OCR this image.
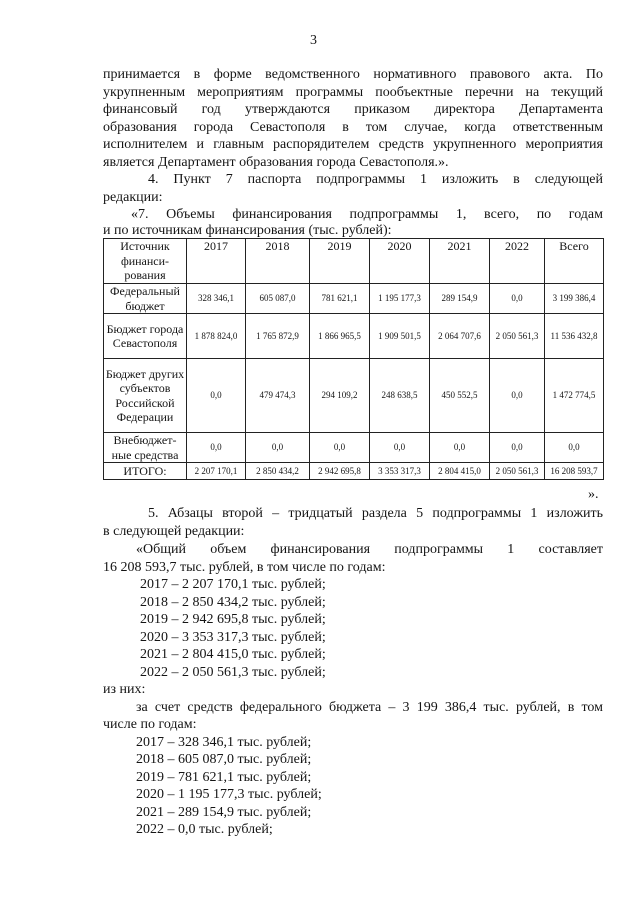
3
принимается в форме ведомственного нормативного правового акта. По
укрупненным мероприятиям программы пообъектные перечни на текущий
финансовый год утверждаются приказом директора Департамента
образования города Севастополя в том случае, когда ответственным
исполнителем и главным распорядителем средств укрупненного мероприятия
является Департамент образования города Севастополя.».
4. Пункт 7 паспорта подпрограммы 1 изложить в следующей
редакции:
«7. Объемы финансирования подпрограммы 1, всего, по годам
и по источникам финансирования (тыс. рублей):
Источник финанси-рования	2017	2018	2019	2020	2021	2022	Всего
Федеральный бюджет	328 346,1	605 087,0	781 621,1	1 195 177,3	289 154,9	0,0	3 199 386,4
Бюджет города Севастополя	1 878 824,0	1 765 872,9	1 866 965,5	1 909 501,5	2 064 707,6	2 050 561,3	11 536 432,8
Бюджет других субъектов Российской Федерации	0,0	479 474,3	294 109,2	248 638,5	450 552,5	0,0	1 472 774,5
Внебюджет-ные средства	0,0	0,0	0,0	0,0	0,0	0,0	0,0
ИТОГО:	2 207 170,1	2 850 434,2	2 942 695,8	3 353 317,3	2 804 415,0	2 050 561,3	16 208 593,7
».
5. Абзацы второй – тридцатый раздела 5 подпрограммы 1 изложить
в следующей редакции:
«Общий объем финансирования подпрограммы 1 составляет
16 208 593,7 тыс. рублей, в том числе по годам:
2017 – 2 207 170,1 тыс. рублей;
2018 – 2 850 434,2 тыс. рублей;
2019 – 2 942 695,8 тыс. рублей;
2020 – 3 353 317,3 тыс. рублей;
2021 – 2 804 415,0 тыс. рублей;
2022 – 2 050 561,3 тыс. рублей;
из них:
за счет средств федерального бюджета – 3 199 386,4 тыс. рублей, в том
числе по годам:
2017 – 328 346,1 тыс. рублей;
2018 – 605 087,0 тыс. рублей;
2019 – 781 621,1 тыс. рублей;
2020 – 1 195 177,3 тыс. рублей;
2021 – 289 154,9 тыс. рублей;
2022 – 0,0 тыс. рублей;
